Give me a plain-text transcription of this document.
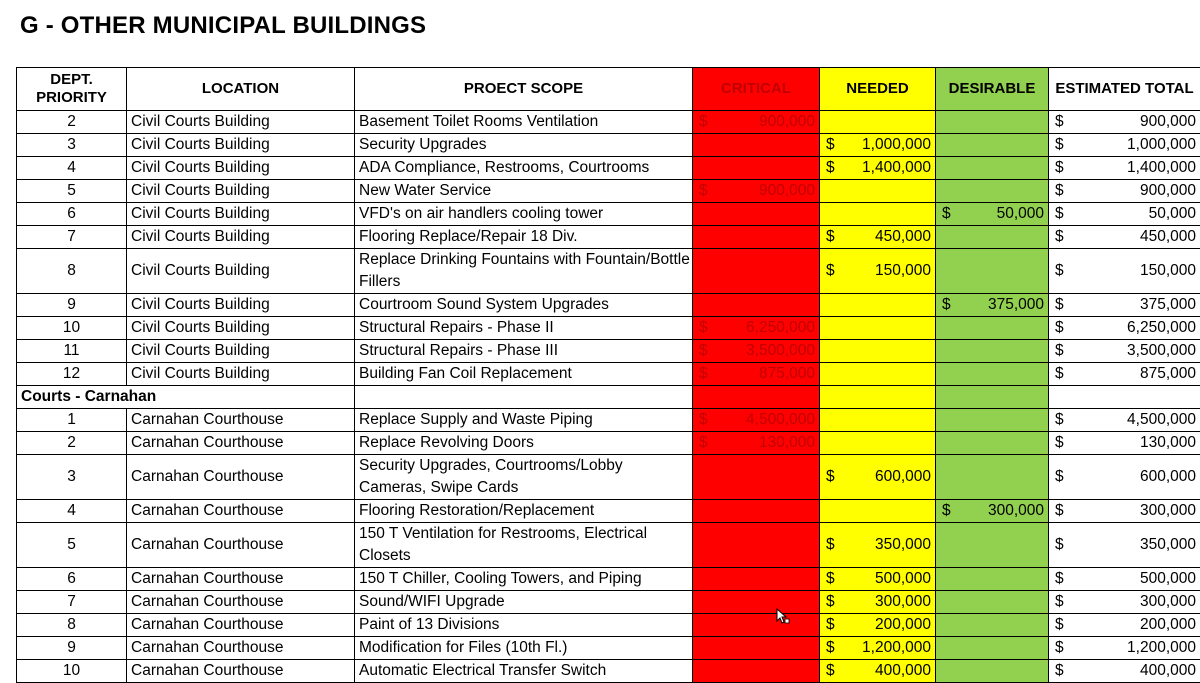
G - OTHER MUNICIPAL BUILDINGS
DEPT. PRIORITY	LOCATION	PROECT SCOPE	CRITICAL	NEEDED	DESIRABLE	ESTIMATED TOTAL
2	Civil Courts Building	Basement Toilet Rooms Ventilation	$ 900,000			$ 900,000

3	Civil Courts Building	Security Upgrades		$ 1,000,000		$ 1,000,000

4	Civil Courts Building	ADA Compliance, Restrooms, Courtrooms		$ 1,400,000		$ 1,400,000

5	Civil Courts Building	New Water Service	$ 900,000			$ 900,000

6	Civil Courts Building	VFD's on air handlers cooling tower			$ 50,000	$ 50,000

7	Civil Courts Building	Flooring Replace/Repair 18 Div.		$ 450,000		$ 450,000

8	Civil Courts Building	Replace Drinking Fountains with Fountain/Bottle Fillers		$ 150,000		$ 150,000

9	Civil Courts Building	Courtroom Sound System Upgrades			$ 375,000	$ 375,000

10	Civil Courts Building	Structural Repairs - Phase II	$ 6,250,000			$ 6,250,000

11	Civil Courts Building	Structural Repairs - Phase III	$ 3,500,000			$ 3,500,000

12	Civil Courts Building	Building Fan Coil Replacement	$ 875,000			$ 875,000

Courts - Carnahan						
1	Carnahan Courthouse	Replace Supply and Waste Piping	$ 4,500,000			$ 4,500,000

2	Carnahan Courthouse	Replace Revolving Doors	$ 130,000			$ 130,000

3	Carnahan Courthouse	Security Upgrades, Courtrooms/Lobby Cameras, Swipe Cards		$ 600,000		$ 600,000

4	Carnahan Courthouse	Flooring Restoration/Replacement			$ 300,000	$ 300,000

5	Carnahan Courthouse	150 T Ventilation for Restrooms, Electrical Closets		$ 350,000		$ 350,000

6	Carnahan Courthouse	150 T Chiller, Cooling Towers, and Piping		$ 500,000		$ 500,000

7	Carnahan Courthouse	Sound/WIFI Upgrade		$ 300,000		$ 300,000

8	Carnahan Courthouse	Paint of 13 Divisions		$ 200,000		$ 200,000

9	Carnahan Courthouse	Modification for Files (10th Fl.)		$ 1,200,000		$ 1,200,000

10	Carnahan Courthouse	Automatic Electrical Transfer Switch		$ 400,000		$ 400,000
